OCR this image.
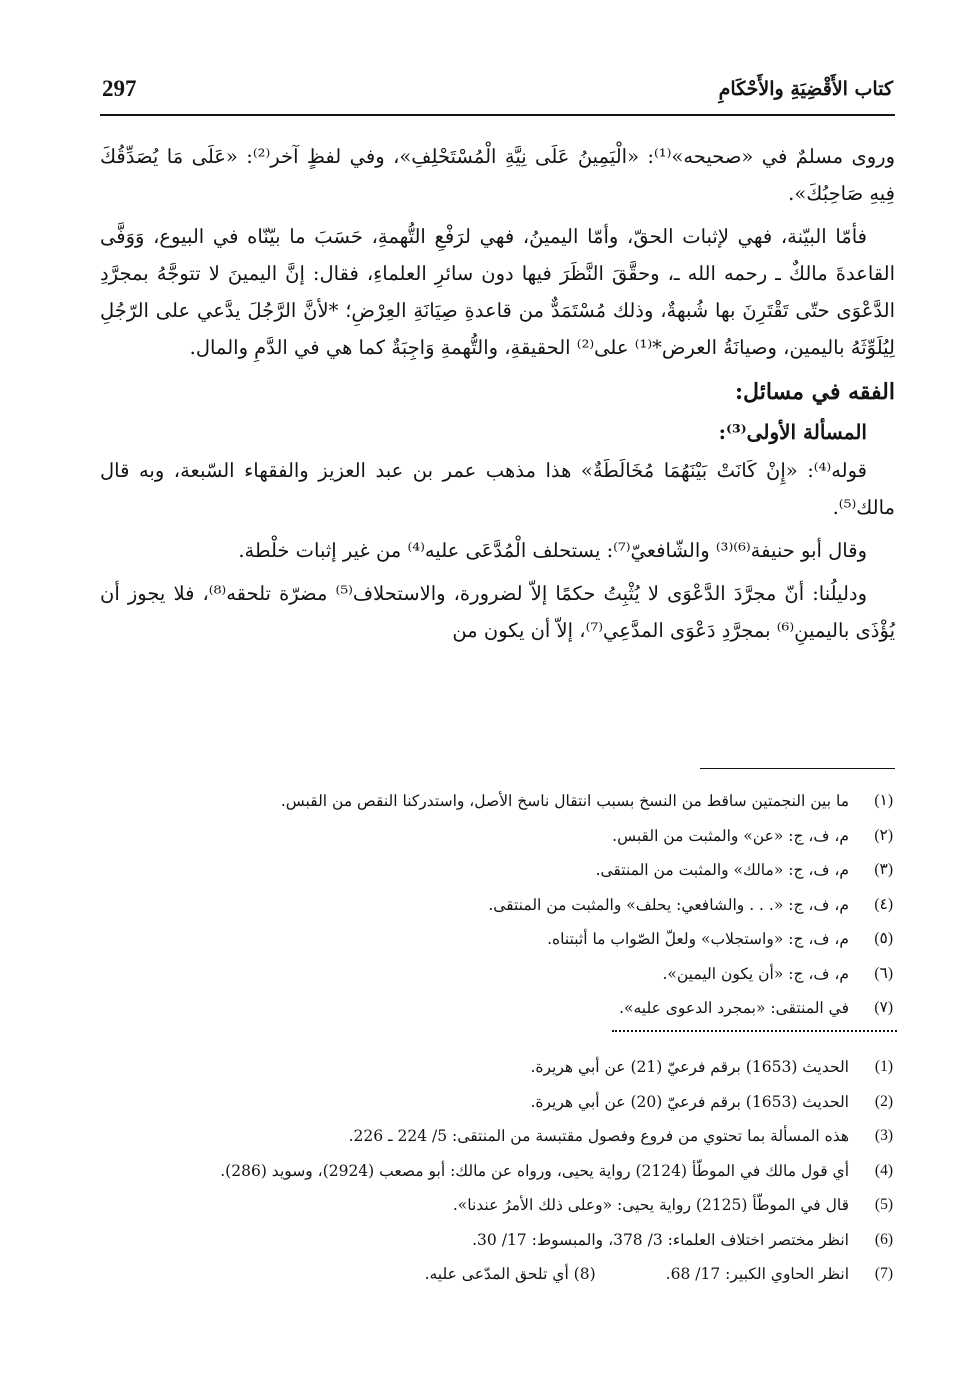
297	كتاب الأَقْضِيَةِ والأَحْكَامِ

وروى مسلمٌ في «صحيحه»⁽¹⁾: «الْيَمِينُ عَلَى نِيَّةِ الْمُسْتَحْلِفِ»، وفي لفظٍ آخر⁽²⁾: «عَلَى مَا يُصَدِّقُكَ فِيهِ صَاحِبُكَ».

فأمّا البيّنة، فهي لإثبات الحقّ، وأمّا اليمينُ، فهي لرَفْعِ التُّهمةِ، حَسَبَ ما بيّنّاه في البيوع، وَوَفَّى القاعدةَ مالكٌ ـ رحمه الله ـ، وحقَّقَ النَّظَرَ فيها دون سائرِ العلماءِ، فقال: إنَّ اليمينَ لا تتوجَّهُ بمجرَّدِ الدَّعْوَى حتّى تَقْتَرِنَ بها شُبهةٌ، وذلك مُسْتَمَدٌّ من قاعدةِ صِيَانَةِ العِرْضِ؛ *لأنَّ الرَّجُلَ يدَّعي على الرّجُلِ لِيُلَوِّثَهُ باليمين، وصيانَةُ العرض*⁽¹⁾ على⁽²⁾ الحقيقةِ، والتُّهمةِ وَاجِبَةٌ كما هي في الدَّمِ والمال.

الفقه في مسائل:
المسألة الأولى⁽³⁾:

قوله⁽⁴⁾: «إِنْ كَانَتْ بَيْنَهُمَا مُخَالَطَةٌ» هذا مذهب عمر بن عبد العزيز والفقهاء السّبعة، وبه قال مالك⁽⁵⁾.

وقال أبو حنيفة⁽⁶⁾⁽³⁾ والشّافعيّ⁽⁷⁾: يستحلف الْمُدَّعَى عليه⁽⁴⁾ من غير إثبات خلْطة.

ودليلُنا: أنّ مجرَّدَ الدَّعْوَى لا يُثْبِتُ حكمًا إلاّ لضرورة، والاستحلاف⁽⁵⁾ مضرّة تلحقه⁽⁸⁾، فلا يجوز أن يُؤْذَى باليمينِ⁽⁶⁾ بمجرَّدِ دَعْوَى المدَّعِي⁽⁷⁾، إلاّ أن يكون من

(١)
ما بين النجمتين ساقط من النسخ بسبب انتقال ناسخ الأصل، واستدركنا النقص من القبس.
(٢)
م، ف، ج: «عن» والمثبت من القبس.
(٣)
م، ف، ج: «مالك» والمثبت من المنتقى.
(٤)
م، ف، ج: «. . . والشافعي: يحلف» والمثبت من المنتقى.
(٥)
م، ف، ج: «واستجلاب» ولعلّ الصّواب ما أثبتناه.
(٦)
م، ف، ج: «أن يكون اليمين».
(٧)
في المنتقى: «بمجرد الدعوى عليه».
(1)
الحديث (1653) برقم فرعيّ (21) عن أبي هريرة.
(2)
الحديث (1653) برقم فرعيّ (20) عن أبي هريرة.
(3)
هذه المسألة بما تحتوي من فروع وفصول مقتبسة من المنتقى: 5/ 224 ـ 226.
(4)
أي قول مالك في الموطّأ (2124) رواية يحيى، ورواه عن مالك: أبو مصعب (2924)، وسويد (286).
(5)
قال في الموطّأ (2125) رواية يحيى: «وعلى ذلك الأمرُ عندنا».
(6)
انظر مختصر اختلاف العلماء: 3/ 378، والمبسوط: 17/ 30.
(7)
انظر الحاوي الكبير: 17/ 68.
(8) أي تلحق المدّعى عليه.
